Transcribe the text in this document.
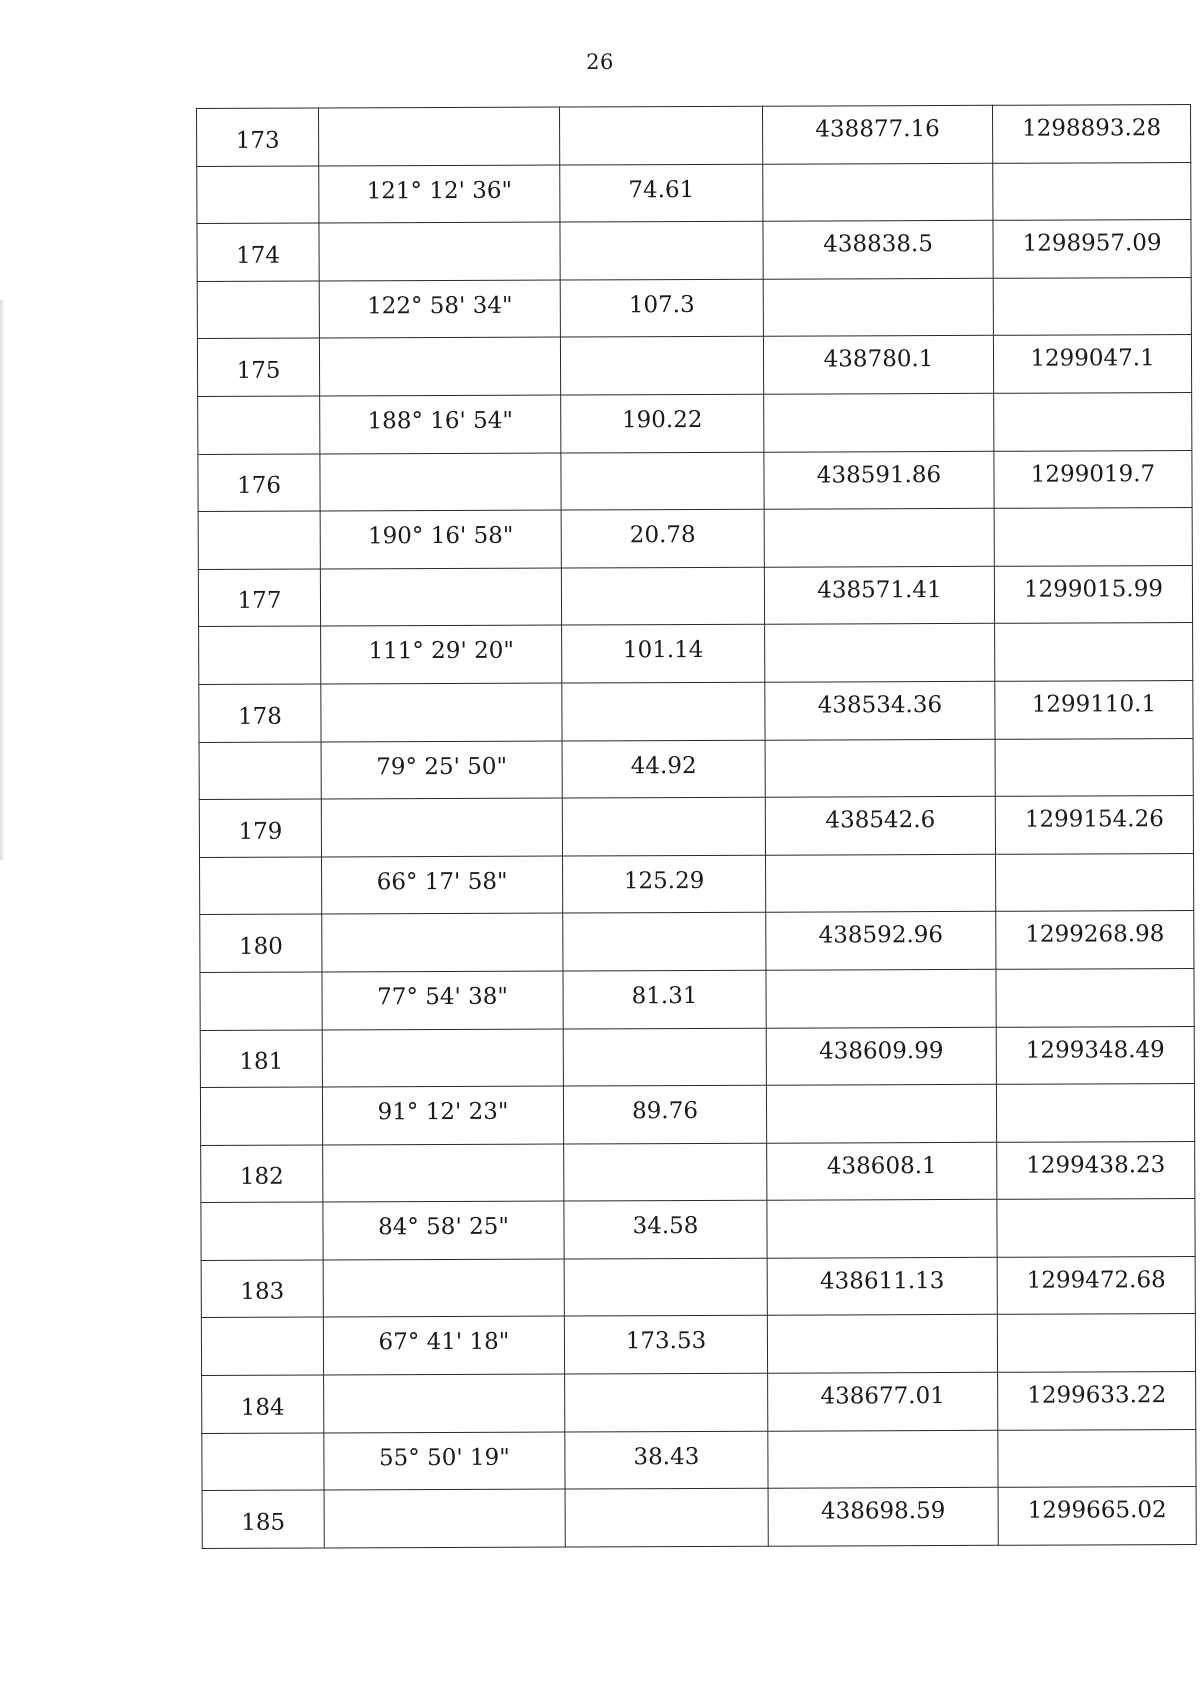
26
173			438877.16	1298893.28
	121° 12' 36"	74.61		
174			438838.5	1298957.09
	122° 58' 34"	107.3		
175			438780.1	1299047.1
	188° 16' 54"	190.22		
176			438591.86	1299019.7
	190° 16' 58"	20.78		
177			438571.41	1299015.99
	111° 29' 20"	101.14		
178			438534.36	1299110.1
	79° 25' 50"	44.92		
179			438542.6	1299154.26
	66° 17' 58"	125.29		
180			438592.96	1299268.98
	77° 54' 38"	81.31		
181			438609.99	1299348.49
	91° 12' 23"	89.76		
182			438608.1	1299438.23
	84° 58' 25"	34.58		
183			438611.13	1299472.68
	67° 41' 18"	173.53		
184			438677.01	1299633.22
	55° 50' 19"	38.43		
185			438698.59	1299665.02
